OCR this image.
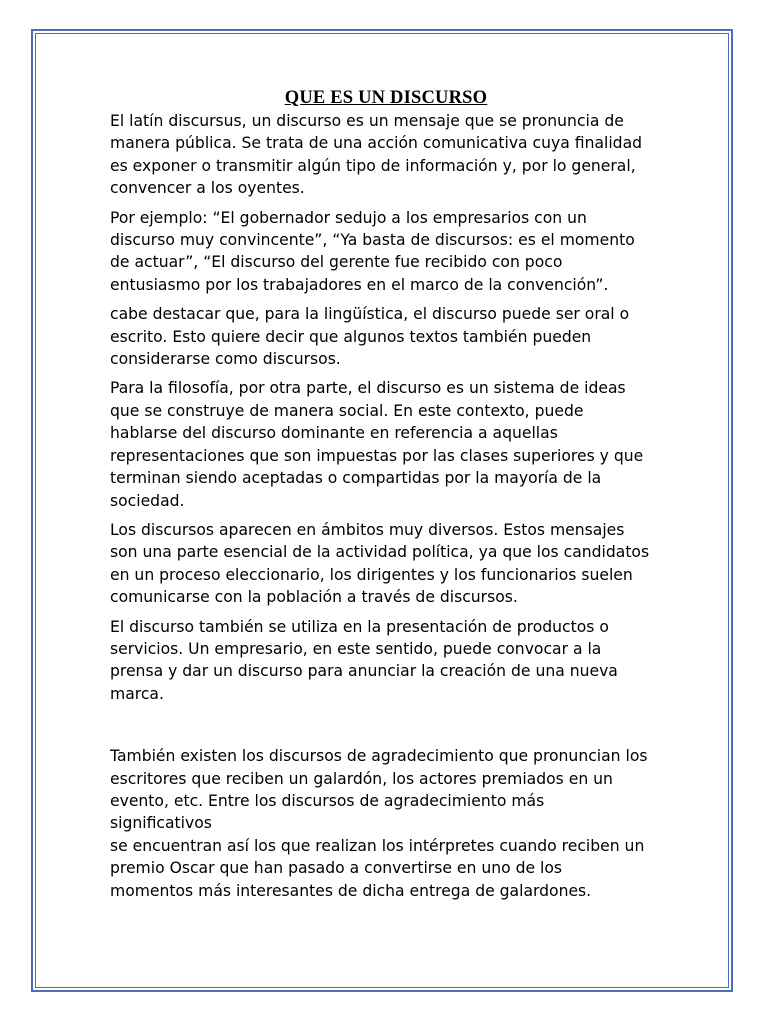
QUE ES UN DISCURSO

El latín discursus, un discurso es un mensaje que se pronuncia de
manera pública. Se trata de una acción comunicativa cuya finalidad
es exponer o transmitir algún tipo de información y, por lo general,
convencer a los oyentes.

Por ejemplo: “El gobernador sedujo a los empresarios con un
discurso muy convincente”, “Ya basta de discursos: es el momento
de actuar”, “El discurso del gerente fue recibido con poco
entusiasmo por los trabajadores en el marco de la convención”.

cabe destacar que, para la lingüística, el discurso puede ser oral o
escrito. Esto quiere decir que algunos textos también pueden
considerarse como discursos.

Para la filosofía, por otra parte, el discurso es un sistema de ideas
que se construye de manera social. En este contexto, puede
hablarse del discurso dominante en referencia a aquellas
representaciones que son impuestas por las clases superiores y que
terminan siendo aceptadas o compartidas por la mayoría de la
sociedad.

Los discursos aparecen en ámbitos muy diversos. Estos mensajes
son una parte esencial de la actividad política, ya que los candidatos
en un proceso eleccionario, los dirigentes y los funcionarios suelen
comunicarse con la población a través de discursos.

El discurso también se utiliza en la presentación de productos o
servicios. Un empresario, en este sentido, puede convocar a la
prensa y dar un discurso para anunciar la creación de una nueva
marca.

También existen los discursos de agradecimiento que pronuncian los
escritores que reciben un galardón, los actores premiados en un
evento, etc. Entre los discursos de agradecimiento más significativos
se encuentran así los que realizan los intérpretes cuando reciben un
premio Oscar que han pasado a convertirse en uno de los
momentos más interesantes de dicha entrega de galardones.
